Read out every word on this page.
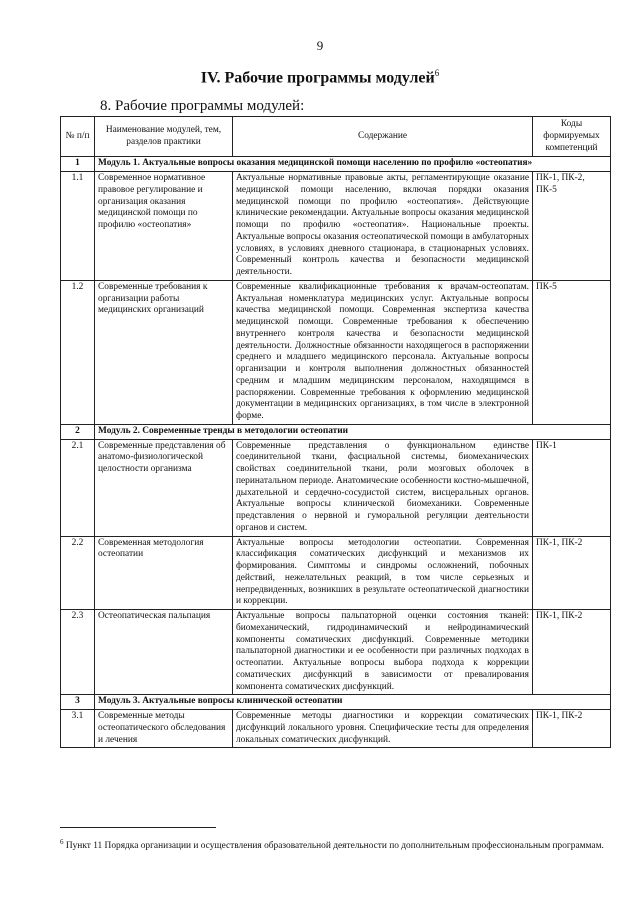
9
IV. Рабочие программы модулей$^6$
8. Рабочие программы модулей:
№ п/п	Наименование модулей, тем, разделов практики	Содержание	Коды формируемых компетенций
1	Модуль 1. Актуальные вопросы оказания медицинской помощи населению по профилю «остеопатия»		
1.1	Современное нормативное правовое регулирование и организация оказания медицинской помощи по профилю «остеопатия»	Актуальные нормативные правовые акты, регламентирующие оказание медицинской помощи населению, включая порядки оказания медицинской помощи по профилю «остеопатия». Действующие клинические рекомендации. Актуальные вопросы оказания медицинской помощи по профилю «остеопатия». Национальные проекты. Актуальные вопросы оказания остеопатической помощи в амбулаторных условиях, в условиях дневного стационара, в стационарных условиях. Современный контроль качества и безопасности медицинской деятельности.	ПК-1, ПК-2, ПК-5
1.2	Современные требования к организации работы медицинских организаций	Современные квалификационные требования к врачам-остеопатам. Актуальная номенклатура медицинских услуг. Актуальные вопросы качества медицинской помощи. Современная экспертиза качества медицинской помощи. Современные требования к обеспечению внутреннего контроля качества и безопасности медицинской деятельности. Должностные обязанности находящегося в распоряжении среднего и младшего медицинского персонала. Актуальные вопросы организации и контроля выполнения должностных обязанностей средним и младшим медицинским персоналом, находящимся в распоряжении. Современные требования к оформлению медицинской документации в медицинских организациях, в том числе в электронной форме.	ПК-5
2	Модуль 2. Современные тренды в методологии остеопатии		
2.1	Современные представления об анатомо-физиологической целостности организма	Современные представления о функциональном единстве соединительной ткани, фасциальной системы, биомеханических свойствах соединительной ткани, роли мозговых оболочек в перинатальном периоде. Анатомические особенности костно-мышечной, дыхательной и сердечно-сосудистой систем, висцеральных органов. Актуальные вопросы клинической биомеханики. Современные представления о нервной и гуморальной регуляции деятельности органов и систем.	ПК-1
2.2	Современная методология остеопатии	Актуальные вопросы методологии остеопатии. Современная классификация соматических дисфункций и механизмов их формирования. Симптомы и синдромы осложнений, побочных действий, нежелательных реакций, в том числе серьезных и непредвиденных, возникших в результате остеопатической диагностики и коррекции.	ПК-1, ПК-2
2.3	Остеопатическая пальпация	Актуальные вопросы пальпаторной оценки состояния тканей: биомеханический, гидродинамический и нейродинамический компоненты соматических дисфункций. Современные методики пальпаторной диагностики и ее особенности при различных подходах в остеопатии. Актуальные вопросы выбора подхода к коррекции соматических дисфункций в зависимости от превалирования компонента соматических дисфункций.	ПК-1, ПК-2
3	Модуль 3. Актуальные вопросы клинической остеопатии		
3.1	Современные методы остеопатического обследования и лечения	Современные методы диагностики и коррекции соматических дисфункций локального уровня. Специфические тесты для определения локальных соматических дисфункций.	ПК-1, ПК-2
$^6$ Пункт 11 Порядка организации и осуществления образовательной деятельности по дополнительным профессиональным программам.
